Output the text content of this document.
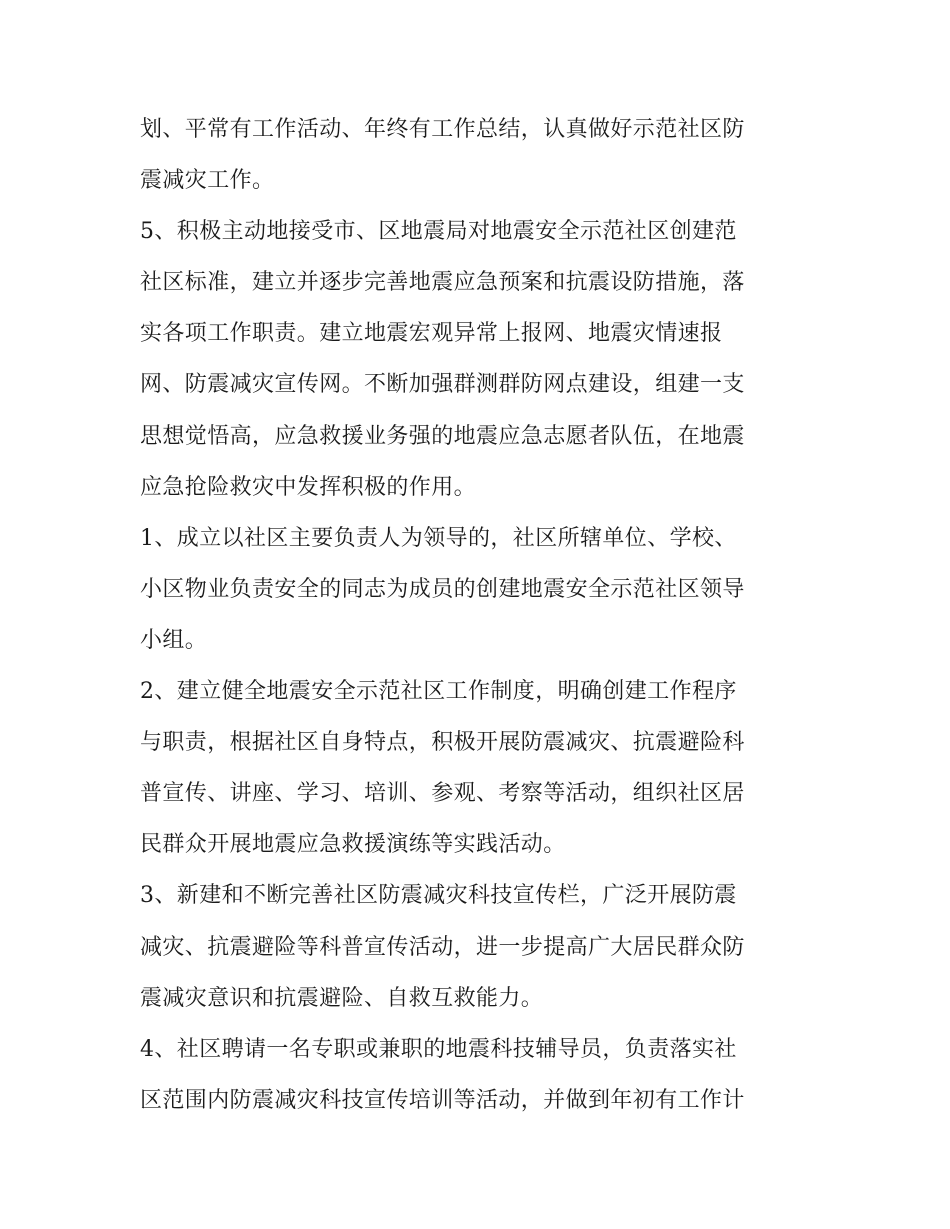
划、平常有工作活动、年终有工作总结，认真做好示范社区防
震减灾工作。
5、积极主动地接受市、区地震局对地震安全示范社区创建范
社区标准，建立并逐步完善地震应急预案和抗震设防措施，落
实各项工作职责。建立地震宏观异常上报网、地震灾情速报
网、防震减灾宣传网。不断加强群测群防网点建设，组建一支
思想觉悟高，应急救援业务强的地震应急志愿者队伍，在地震
应急抢险救灾中发挥积极的作用。
1、成立以社区主要负责人为领导的，社区所辖单位、学校、
小区物业负责安全的同志为成员的创建地震安全示范社区领导
小组。
2、建立健全地震安全示范社区工作制度，明确创建工作程序
与职责，根据社区自身特点，积极开展防震减灾、抗震避险科
普宣传、讲座、学习、培训、参观、考察等活动，组织社区居
民群众开展地震应急救援演练等实践活动。
3、新建和不断完善社区防震减灾科技宣传栏，广泛开展防震
减灾、抗震避险等科普宣传活动，进一步提高广大居民群众防
震减灾意识和抗震避险、自救互救能力。
4、社区聘请一名专职或兼职的地震科技辅导员，负责落实社
区范围内防震减灾科技宣传培训等活动，并做到年初有工作计
